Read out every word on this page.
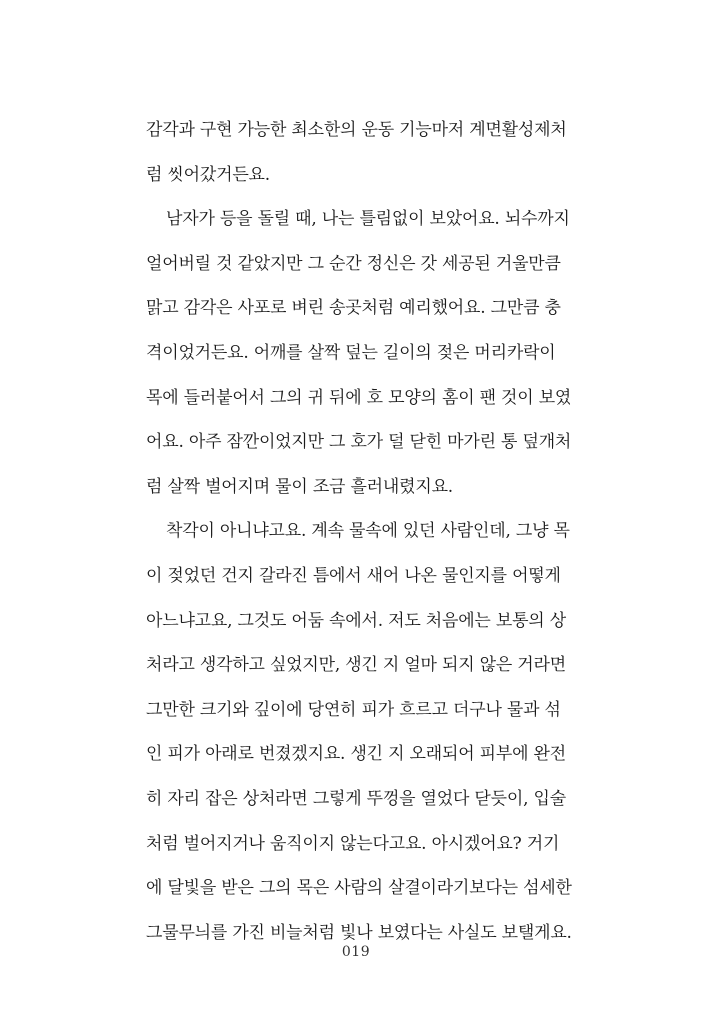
감각과 구현 가능한 최소한의 운동 기능마저 계면활성제처
럼 씻어갔거든요.
남자가 등을 돌릴 때, 나는 틀림없이 보았어요. 뇌수까지
얼어버릴 것 같았지만 그 순간 정신은 갓 세공된 거울만큼
맑고 감각은 사포로 벼린 송곳처럼 예리했어요. 그만큼 충
격이었거든요. 어깨를 살짝 덮는 길이의 젖은 머리카락이
목에 들러붙어서 그의 귀 뒤에 호 모양의 홈이 팬 것이 보였
어요. 아주 잠깐이었지만 그 호가 덜 닫힌 마가린 통 덮개처
럼 살짝 벌어지며 물이 조금 흘러내렸지요.
착각이 아니냐고요. 계속 물속에 있던 사람인데, 그냥 목
이 젖었던 건지 갈라진 틈에서 새어 나온 물인지를 어떻게
아느냐고요, 그것도 어둠 속에서. 저도 처음에는 보통의 상
처라고 생각하고 싶었지만, 생긴 지 얼마 되지 않은 거라면
그만한 크기와 깊이에 당연히 피가 흐르고 더구나 물과 섞
인 피가 아래로 번졌겠지요. 생긴 지 오래되어 피부에 완전
히 자리 잡은 상처라면 그렇게 뚜껑을 열었다 닫듯이, 입술
처럼 벌어지거나 움직이지 않는다고요. 아시겠어요? 거기
에 달빛을 받은 그의 목은 사람의 살결이라기보다는 섬세한
그물무늬를 가진 비늘처럼 빛나 보였다는 사실도 보탤게요.
019
